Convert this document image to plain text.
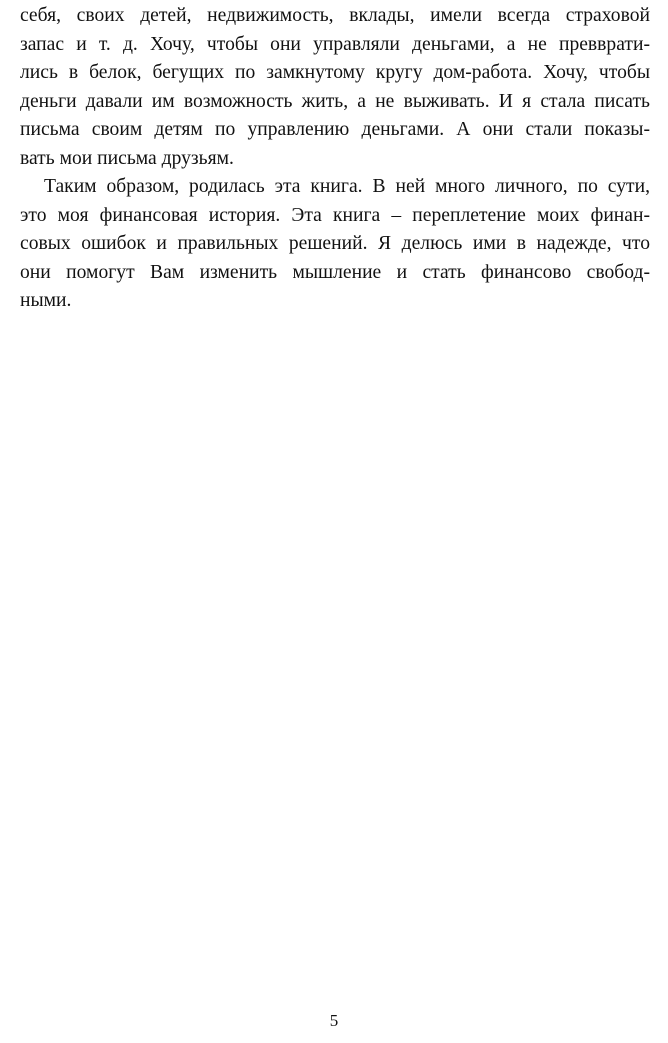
себя, своих детей, недвижимость, вклады, имели всегда страховой
запас и т. д. Хочу, чтобы они управляли деньгами, а не превврати-
лись в белок, бегущих по замкнутому кругу дом-работа. Хочу, чтобы
деньги давали им возможность жить, а не выживать. И я стала писать
письма своим детям по управлению деньгами. А они стали показы-
вать мои письма друзьям.
Таким образом, родилась эта книга. В ней много личного, по сути,
это моя финансовая история. Эта книга – переплетение моих финан-
совых ошибок и правильных решений. Я делюсь ими в надежде, что
они помогут Вам изменить мышление и стать финансово свобод-
ными.
5
